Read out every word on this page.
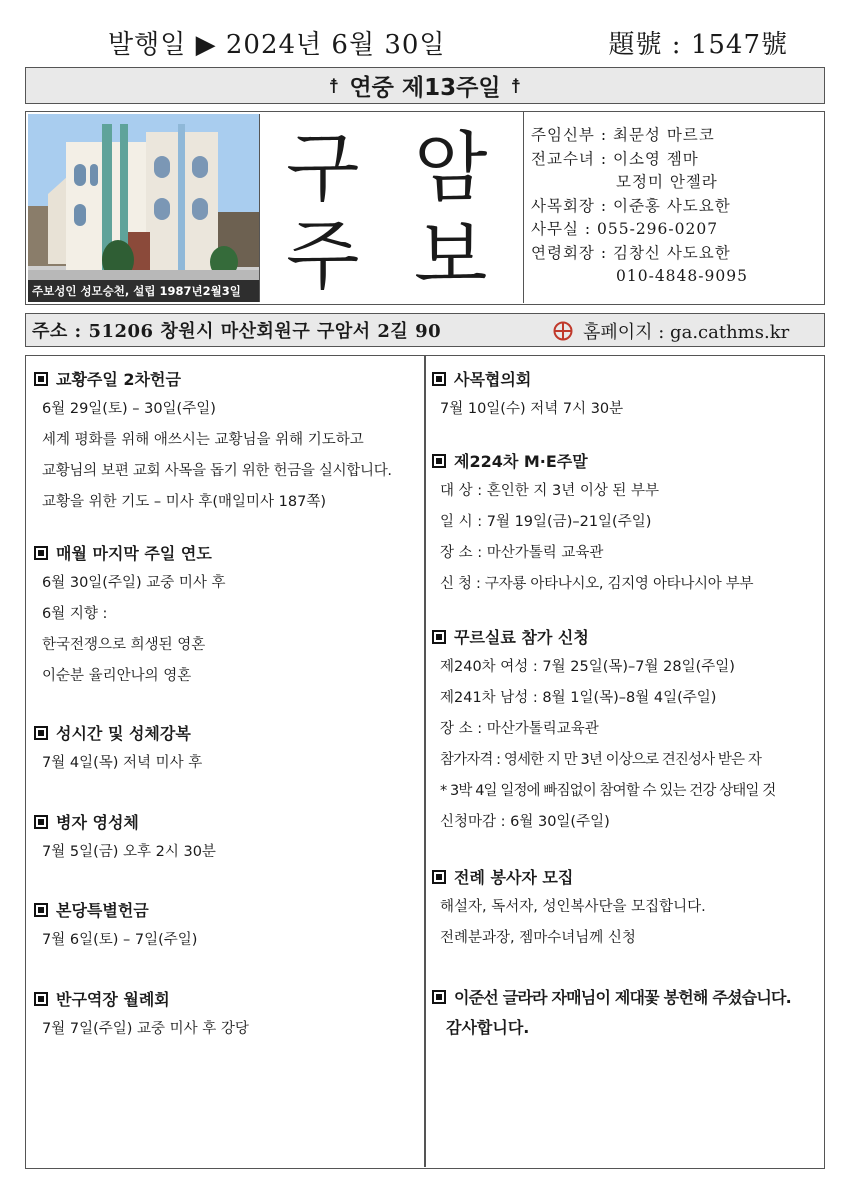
발행일 ▶ 2024년 6월 30일	題號 : 1547號
☨ 연중 제13주일 ☨
주보성인 성모승천, 설립 1987년2월3일
구 암
주 보
주임신부 : 최문성 마르코
전교수녀 : 이소영 젬마
모정미 안젤라
사목회장 : 이준홍 사도요한
사무실 : 055-296-0207
연령회장 : 김창신 사도요한
010-4848-9095
주소 : 51206 창원시 마산회원구 구암서 2길 90	홈페이지 : ga.cathms.kr
교황주일 2차헌금
6월 29일(토) – 30일(주일)
세계 평화를 위해 애쓰시는 교황님을 위해 기도하고
교황님의 보편 교회 사목을 돕기 위한 헌금을 실시합니다.
교황을 위한 기도 – 미사 후(매일미사 187쪽)
매월 마지막 주일 연도
6월 30일(주일) 교중 미사 후
6월 지향 :
한국전쟁으로 희생된 영혼
이순분 율리안나의 영혼
성시간 및 성체강복
7월 4일(목) 저녁 미사 후
병자 영성체
7월 5일(금) 오후 2시 30분
본당특별헌금
7월 6일(토) – 7일(주일)
반구역장 월례회
7월 7일(주일) 교중 미사 후 강당
사목협의회
7월 10일(수) 저녁 7시 30분
제224차 M·E주말
대 상 : 혼인한 지 3년 이상 된 부부
일 시 : 7월 19일(금)–21일(주일)
장 소 : 마산가톨릭 교육관
신 청 : 구자룡 아타나시오, 김지영 아타나시아 부부
꾸르실료 참가 신청
제240차 여성 : 7월 25일(목)–7월 28일(주일)
제241차 남성 : 8월 1일(목)–8월 4일(주일)
장 소 : 마산가톨릭교육관
참가자격 : 영세한 지 만 3년 이상으로 견진성사 받은 자
* 3박 4일 일정에 빠짐없이 참여할 수 있는 건강 상태일 것
신청마감 : 6월 30일(주일)
전례 봉사자 모집
해설자, 독서자, 성인복사단을 모집합니다.
전례분과장, 젬마수녀님께 신청
이준선 글라라 자매님이 제대꽃 봉헌해 주셨습니다.
감사합니다.
